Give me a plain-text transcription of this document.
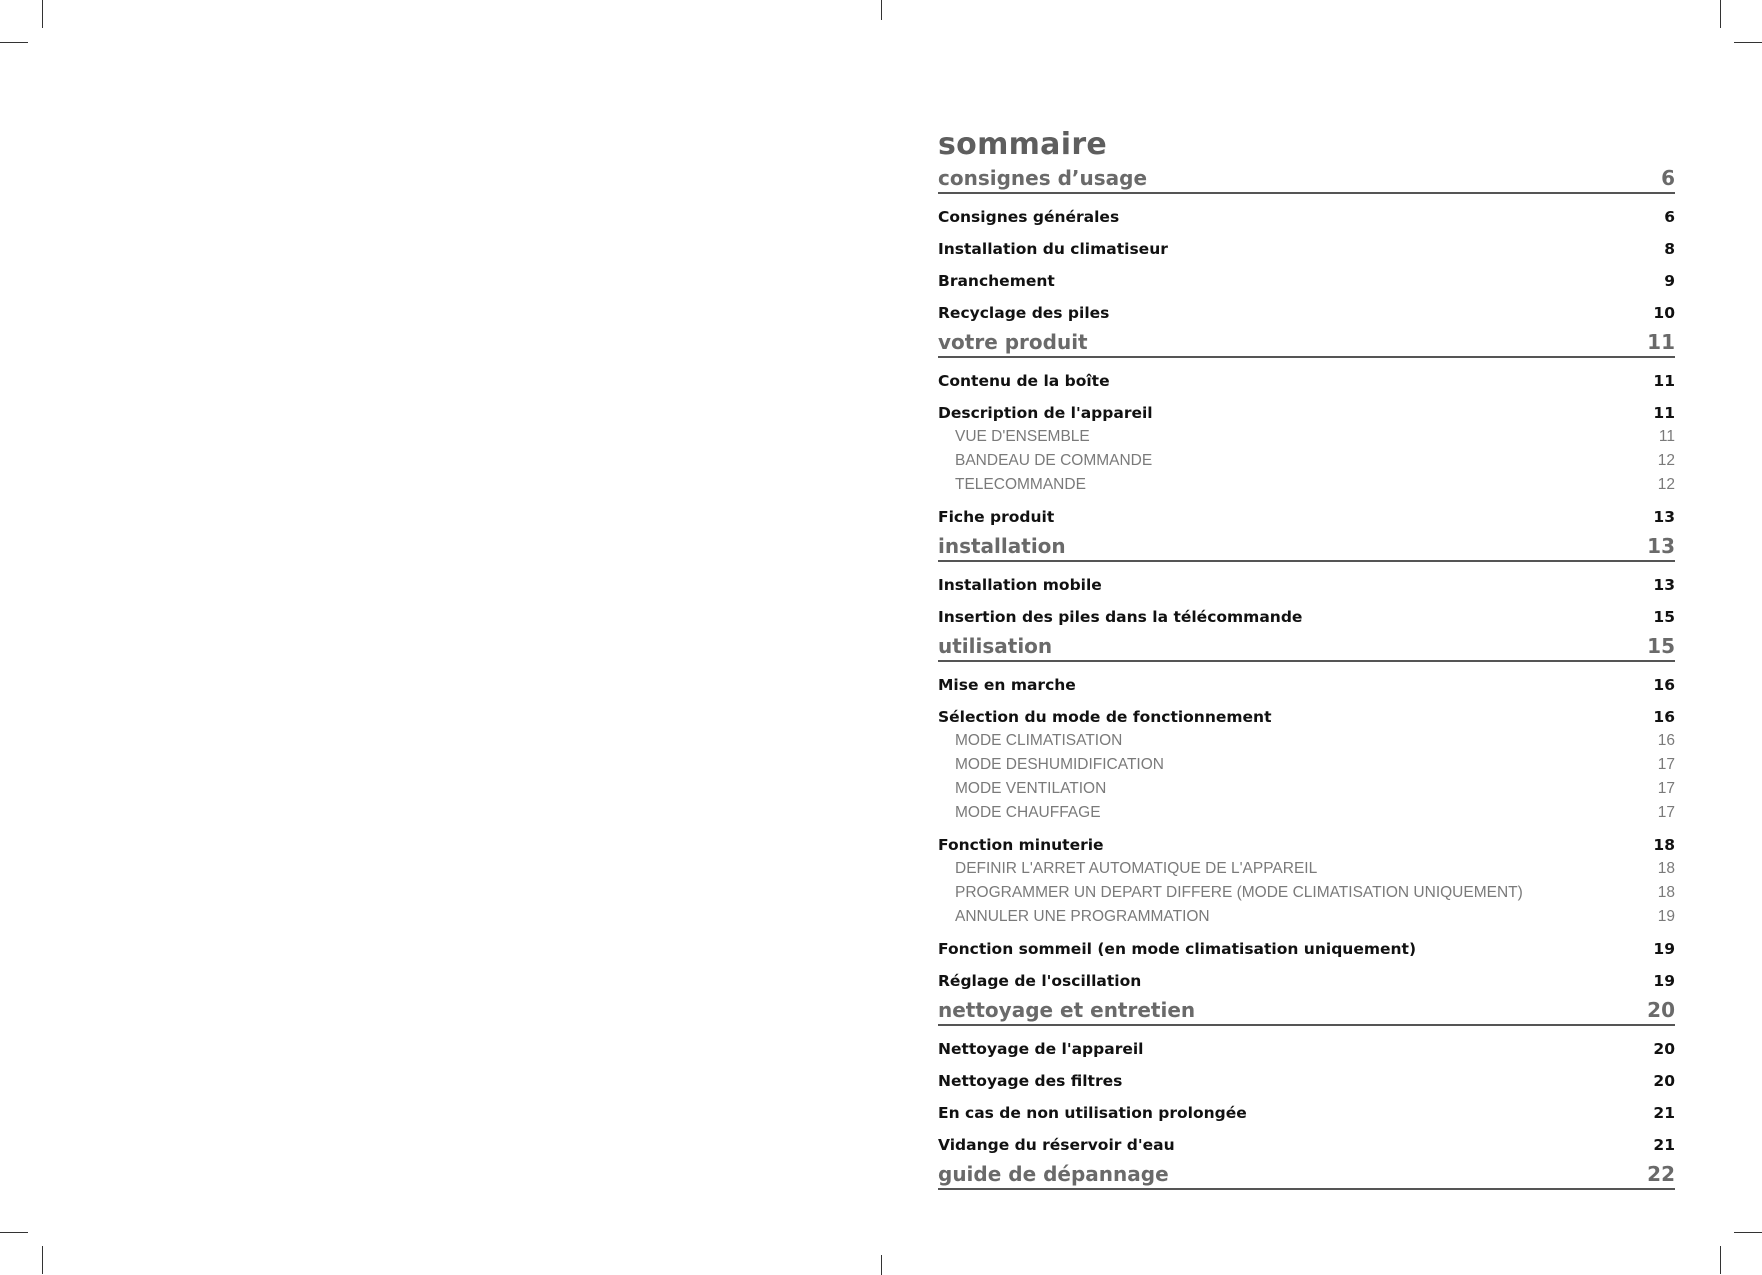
sommaire
consignes d’usage	6
Consignes générales	6
Installation du climatiseur	8
Branchement	9
Recyclage des piles	10
votre produit	11
Contenu de la boîte	11
Description de l'appareil	11
VUE D'ENSEMBLE	11
BANDEAU DE COMMANDE	12
TELECOMMANDE	12
Fiche produit	13
installation	13
Installation mobile	13
Insertion des piles dans la télécommande	15
utilisation	15
Mise en marche	16
Sélection du mode de fonctionnement	16
MODE CLIMATISATION	16
MODE DESHUMIDIFICATION	17
MODE VENTILATION	17
MODE CHAUFFAGE	17
Fonction minuterie	18
DEFINIR L'ARRET AUTOMATIQUE DE L'APPAREIL	18
PROGRAMMER UN DEPART DIFFERE (MODE CLIMATISATION UNIQUEMENT)	18
ANNULER UNE PROGRAMMATION	19
Fonction sommeil (en mode climatisation uniquement)	19
Réglage de l'oscillation	19
nettoyage et entretien	20
Nettoyage de l'appareil	20
Nettoyage des filtres	20
En cas de non utilisation prolongée	21
Vidange du réservoir d'eau	21
guide de dépannage	22
